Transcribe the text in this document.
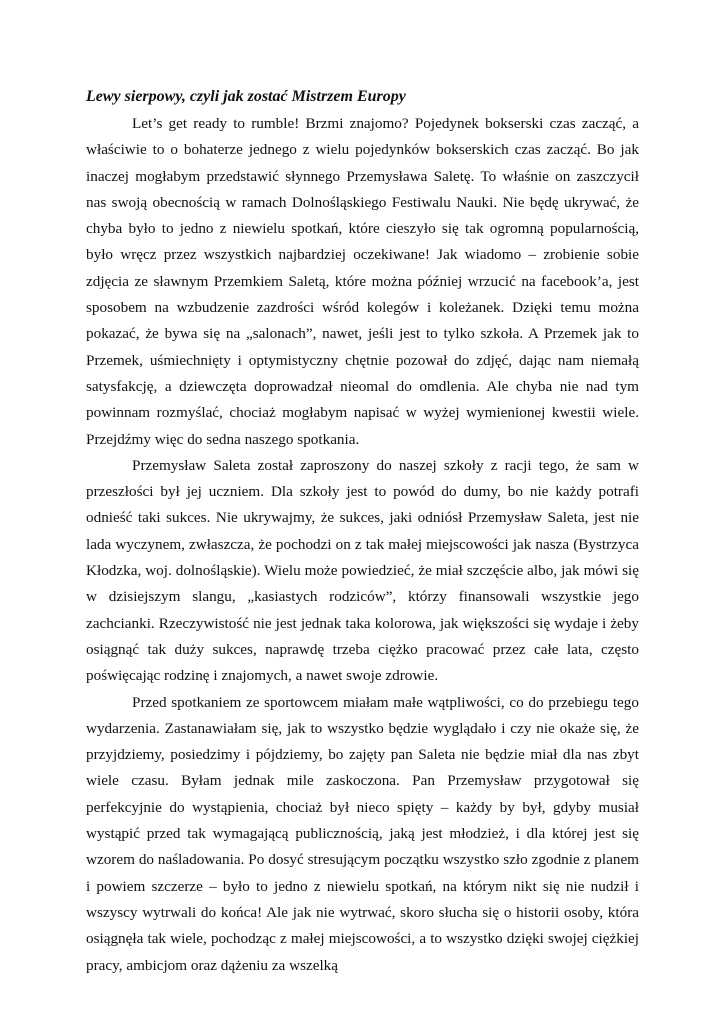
Lewy sierpowy, czyli jak zostać Mistrzem Europy

Let’s get ready to rumble! Brzmi znajomo? Pojedynek bokserski czas zacząć, a właściwie to o bohaterze jednego z wielu pojedynków bokserskich czas zacząć. Bo jak inaczej mogłabym przedstawić słynnego Przemysława Saletę. To właśnie on zaszczycił nas swoją obecnością w ramach Dolnośląskiego Festiwalu Nauki. Nie będę ukrywać, że chyba było to jedno z niewielu spotkań, które cieszyło się tak ogromną popularnością, było wręcz przez wszystkich najbardziej oczekiwane! Jak wiadomo – zrobienie sobie zdjęcia ze sławnym Przemkiem Saletą, które można później wrzucić na facebook’a, jest sposobem na wzbudzenie zazdrości wśród kolegów i koleżanek. Dzięki temu można pokazać, że bywa się na „salonach”, nawet, jeśli jest to tylko szkoła. A Przemek jak to Przemek, uśmiechnięty i optymistyczny chętnie pozował do zdjęć, dając nam niemałą satysfakcję, a dziewczęta doprowadzał nieomal do omdlenia. Ale chyba nie nad tym powinnam rozmyślać, chociaż mogłabym napisać w wyżej wymienionej kwestii wiele. Przejdźmy więc do sedna naszego spotkania.

Przemysław Saleta został zaproszony do naszej szkoły z racji tego, że sam w przeszłości był jej uczniem. Dla szkoły jest to powód do dumy, bo nie każdy potrafi odnieść taki sukces. Nie ukrywajmy, że sukces, jaki odniósł Przemysław Saleta, jest nie lada wyczynem, zwłaszcza, że pochodzi on z tak małej miejscowości jak nasza (Bystrzyca Kłodzka, woj. dolnośląskie). Wielu może powiedzieć, że miał szczęście albo, jak mówi się w dzisiejszym slangu, „kasiastych rodziców”, którzy finansowali wszystkie jego zachcianki. Rzeczywistość nie jest jednak taka kolorowa, jak większości się wydaje i żeby osiągnąć tak duży sukces, naprawdę trzeba ciężko pracować przez całe lata, często poświęcając rodzinę i znajomych, a nawet swoje zdrowie.

Przed spotkaniem ze sportowcem miałam małe wątpliwości, co do przebiegu tego wydarzenia. Zastanawiałam się, jak to wszystko będzie wyglądało i czy nie okaże się, że przyjdziemy, posiedzimy i pójdziemy, bo zajęty pan Saleta nie będzie miał dla nas zbyt wiele czasu. Byłam jednak mile zaskoczona. Pan Przemysław przygotował się perfekcyjnie do wystąpienia, chociaż był nieco spięty – każdy by był, gdyby musiał wystąpić przed tak wymagającą publicznością, jaką jest młodzież, i dla której jest się wzorem do naśladowania. Po dosyć stresującym początku wszystko szło zgodnie z planem i powiem szczerze – było to jedno z niewielu spotkań, na którym nikt się nie nudził i wszyscy wytrwali do końca! Ale jak nie wytrwać, skoro słucha się o historii osoby, która osiągnęła tak wiele, pochodząc z małej miejscowości, a to wszystko dzięki swojej ciężkiej pracy, ambicjom oraz dążeniu za wszelką
